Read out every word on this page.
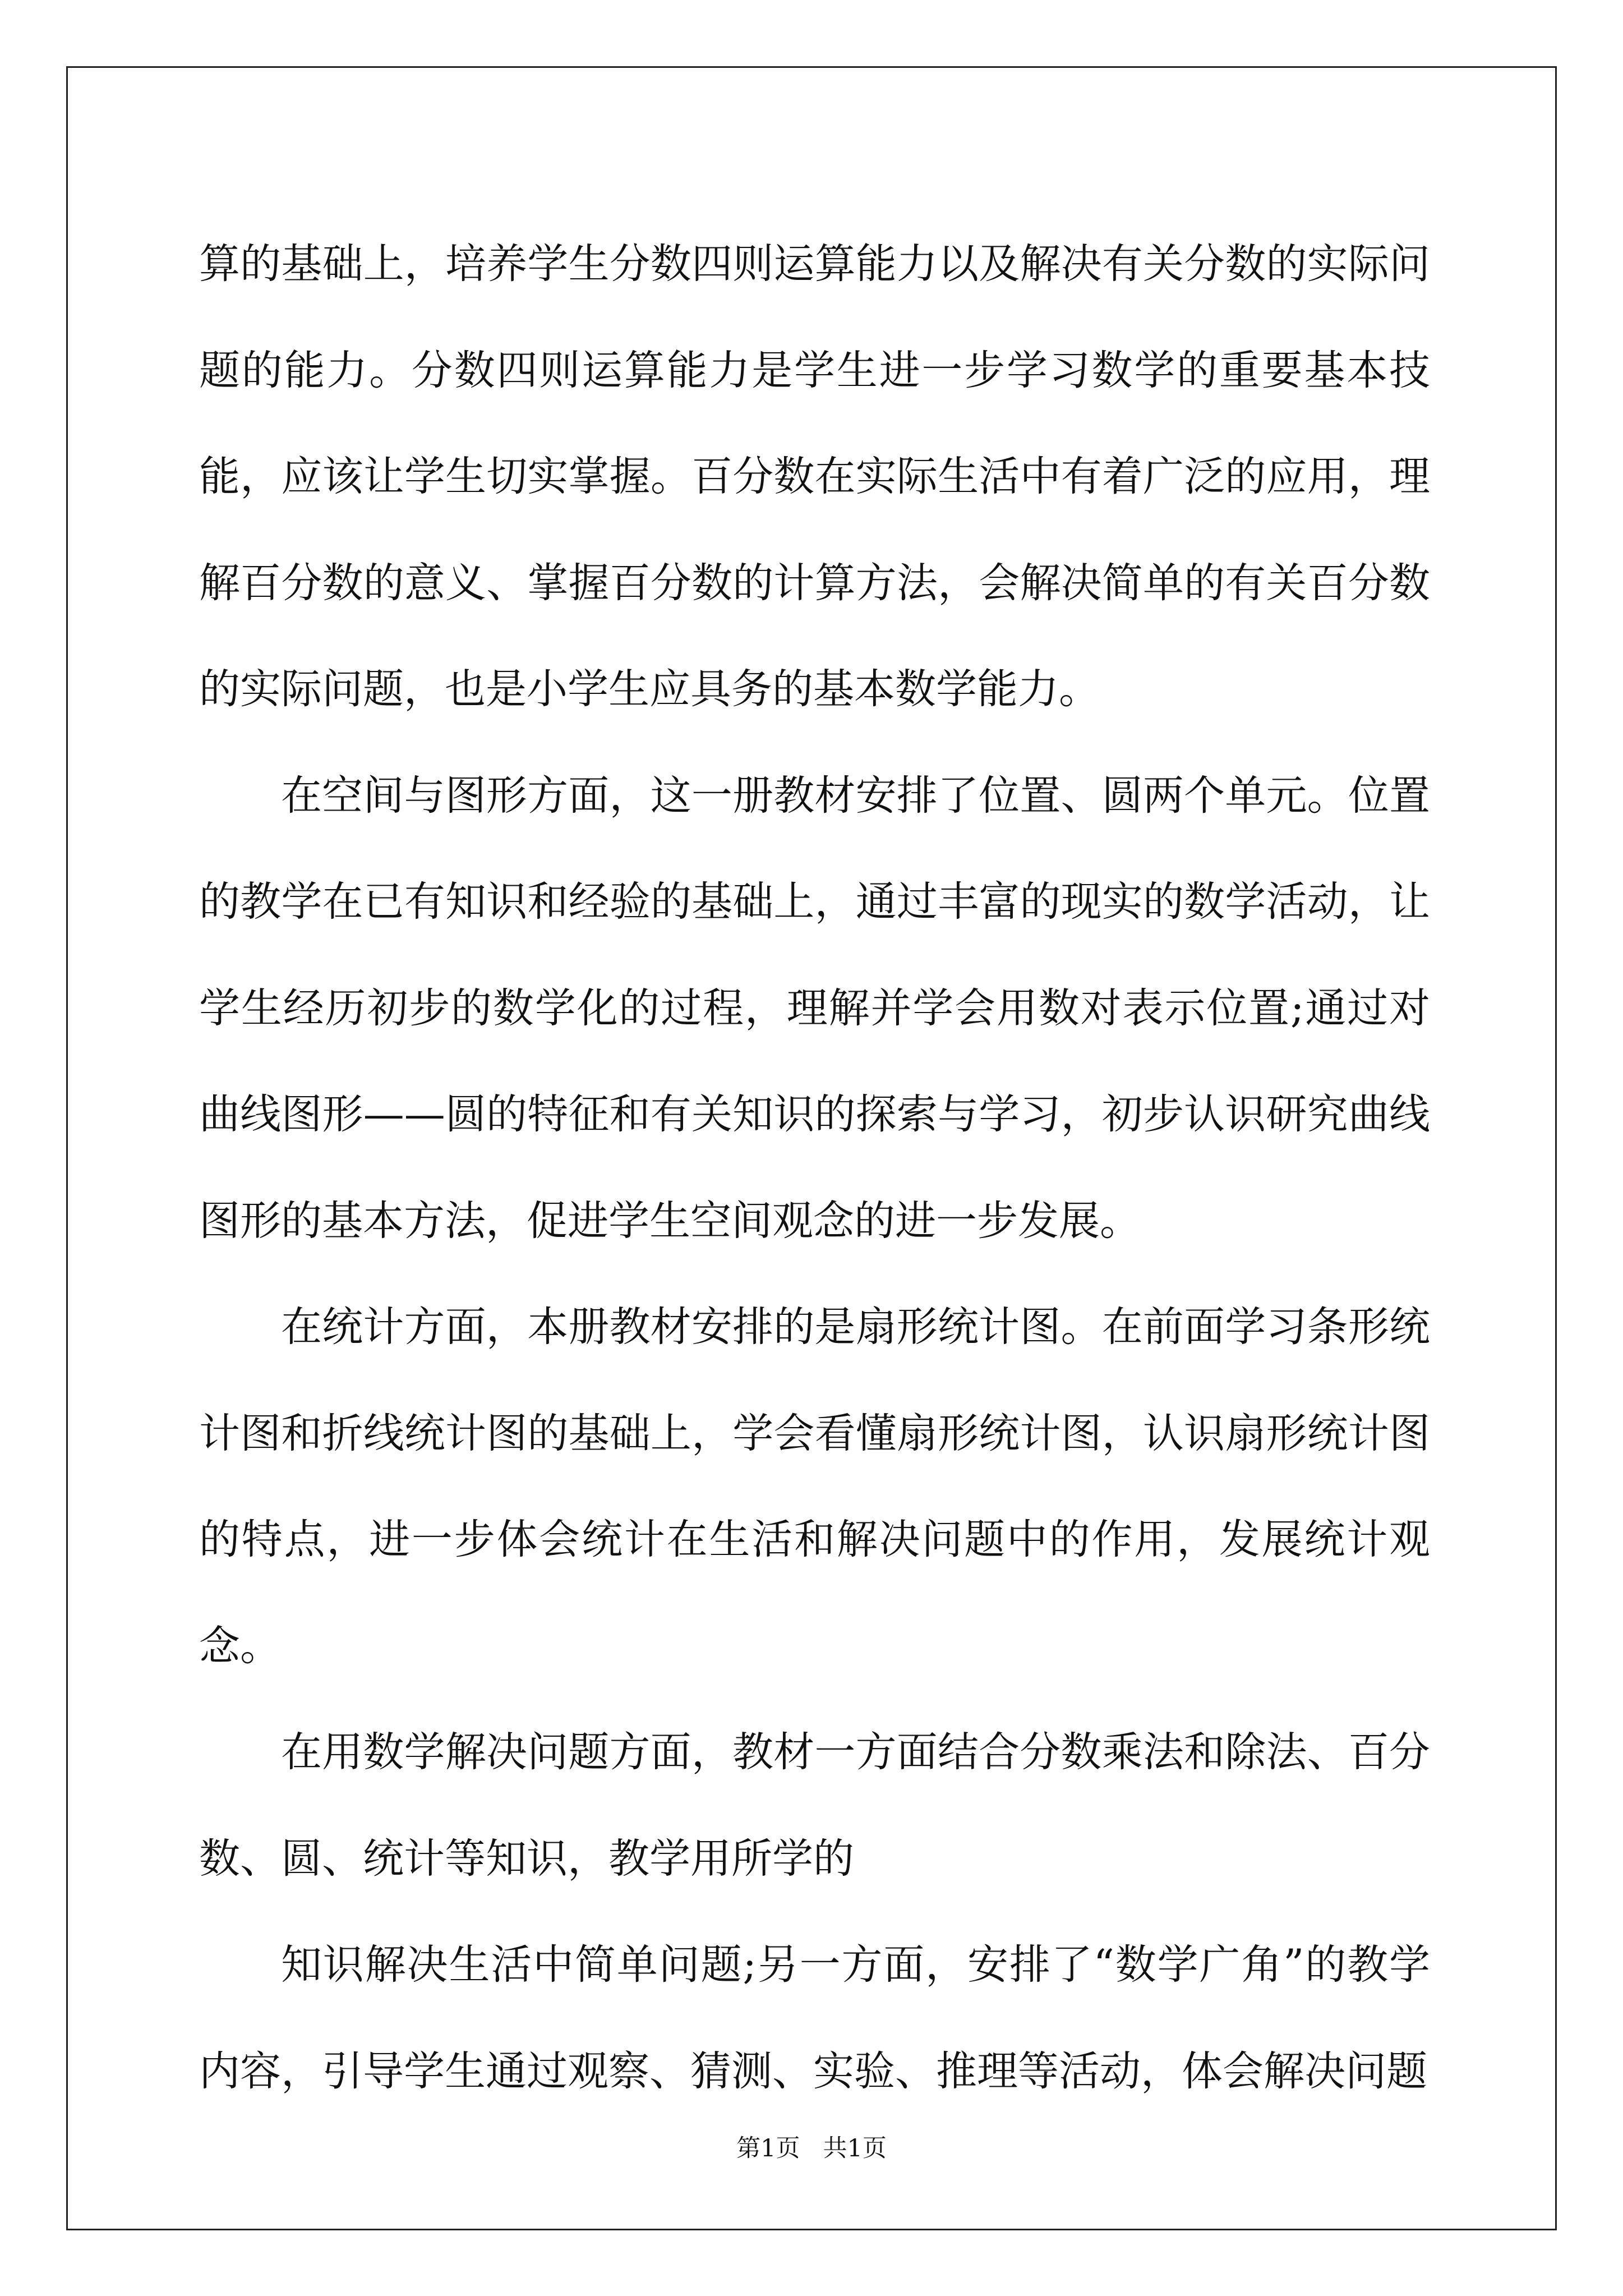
算的基础上，培养学生分数四则运算能力以及解决有关分数的实际问题的能力。分数四则运算能力是学生进一步学习数学的重要基本技能，应该让学生切实掌握。百分数在实际生活中有着广泛的应用，理解百分数的意义、掌握百分数的计算方法，会解决简单的有关百分数的实际问题，也是小学生应具务的基本数学能力。

在空间与图形方面，这一册教材安排了位置、圆两个单元。位置的教学在已有知识和经验的基础上，通过丰富的现实的数学活动，让学生经历初步的数学化的过程，理解并学会用数对表示位置;通过对曲线图形——圆的特征和有关知识的探索与学习，初步认识研究曲线图形的基本方法，促进学生空间观念的进一步发展。

在统计方面，本册教材安排的是扇形统计图。在前面学习条形统计图和折线统计图的基础上，学会看懂扇形统计图，认识扇形统计图的特点，进一步体会统计在生活和解决问题中的作用，发展统计观念。

在用数学解决问题方面，教材一方面结合分数乘法和除法、百分数、圆、统计等知识，教学用所学的

知识解决生活中简单问题;另一方面，安排了“数学广角”的教学内容，引导学生通过观察、猜测、实验、推理等活动，体会解决问题

第1页   共1页
